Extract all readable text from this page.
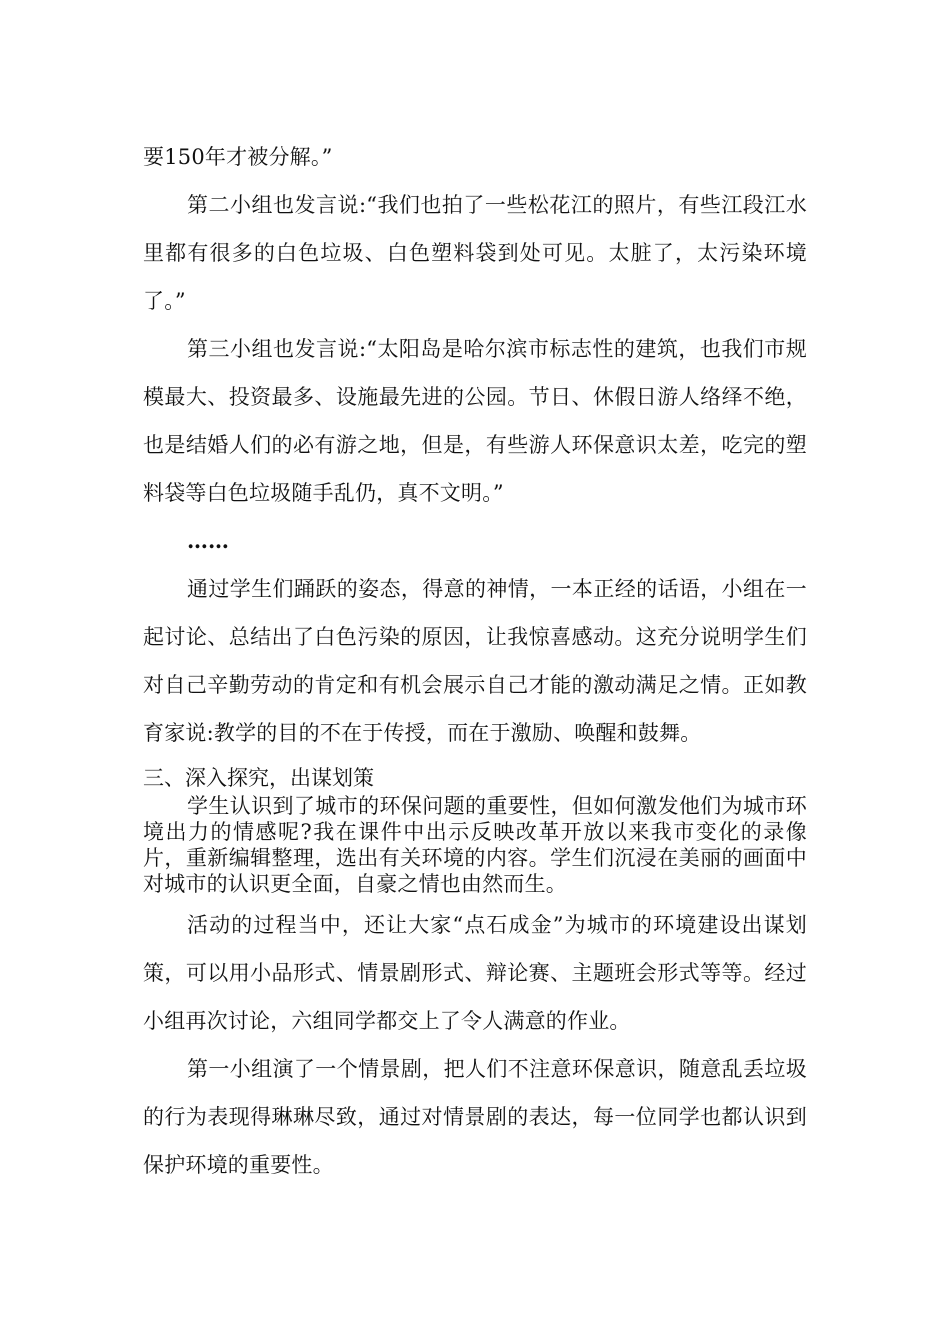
要150年才被分解。”

第二小组也发言说:“我们也拍了一些松花江的照片，有些江段江水里都有很多的白色垃圾、白色塑料袋到处可见。太脏了，太污染环境了。”

第三小组也发言说:“太阳岛是哈尔滨市标志性的建筑，也我们市规模最大、投资最多、设施最先进的公园。节日、休假日游人络绎不绝，也是结婚人们的必有游之地，但是，有些游人环保意识太差，吃完的塑料袋等白色垃圾随手乱仍，真不文明。”

……

通过学生们踊跃的姿态，得意的神情，一本正经的话语，小组在一起讨论、总结出了白色污染的原因，让我惊喜感动。这充分说明学生们对自己辛勤劳动的肯定和有机会展示自己才能的激动满足之情。正如教育家说:教学的目的不在于传授，而在于激励、唤醒和鼓舞。

三、深入探究，出谋划策

学生认识到了城市的环保问题的重要性，但如何激发他们为城市环境出力的情感呢?我在课件中出示反映改革开放以来我市变化的录像片，重新编辑整理，选出有关环境的内容。学生们沉浸在美丽的画面中对城市的认识更全面，自豪之情也由然而生。

活动的过程当中，还让大家“点石成金”为城市的环境建设出谋划策，可以用小品形式、情景剧形式、辩论赛、主题班会形式等等。经过小组再次讨论，六组同学都交上了令人满意的作业。

第一小组演了一个情景剧，把人们不注意环保意识，随意乱丢垃圾的行为表现得琳琳尽致，通过对情景剧的表达，每一位同学也都认识到保护环境的重要性。
